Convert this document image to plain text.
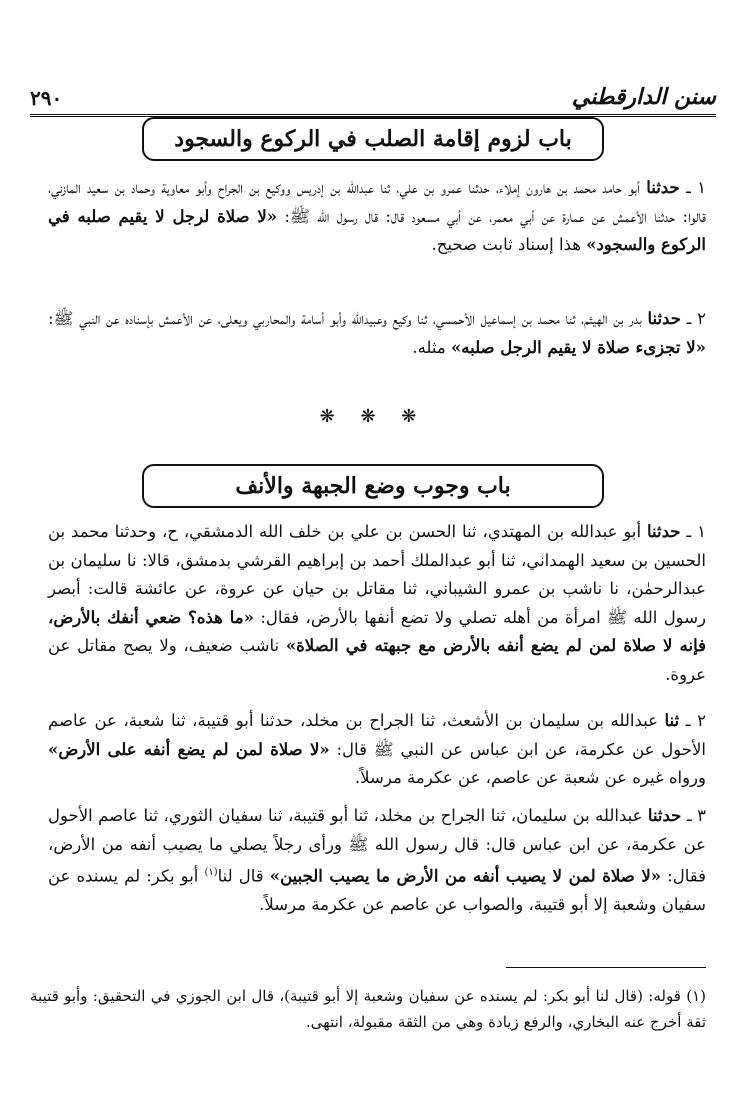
٢٩٠	سنن الدارقطني
باب لزوم إقامة الصلب في الركوع والسجود
١ ـ حدثنا أبو حامد محمد بن هارون إملاء، حدثنا عمرو بن علي، ثنا عبدالله بن إدريس ووكيع بن الجراح وأبو معاوية وحماد بن سعيد المازني، قالوا: حدثنا الأعمش عن عمارة عن أبي معمر، عن أبي مسعود قال: قال رسول الله ﷺ: «لا صلاة لرجل لا يقيم صلبه في الركوع والسجود» هذا إسناد ثابت صحيح.
٢ ـ حدثنا بدر بن الهيثم، ثنا محمد بن إسماعيل الأحمسي، ثنا وكيع وعبيدالله وأبو أسامة والمحاربي ويعلى، عن الأعمش بإسناده عن النبي ﷺ: «لا تجزىء صلاة لا يقيم الرجل صلبه» مثله.
❋ ❋ ❋
باب وجوب وضع الجبهة والأنف
١ ـ حدثنا أبو عبدالله بن المهتدي، ثنا الحسن بن علي بن خلف الله الدمشقي، ح، وحدثنا محمد بن الحسين بن سعيد الهمداني، ثنا أبو عبدالملك أحمد بن إبراهيم القرشي بدمشق، قالا: نا سليمان بن عبدالرحمٰن، نا ناشب بن عمرو الشيباني، ثنا مقاتل بن حيان عن عروة، عن عائشة قالت: أبصر رسول الله ﷺ امرأة من أهله تصلي ولا تضع أنفها بالأرض، فقال: «ما هذه؟ ضعي أنفك بالأرض، فإنه لا صلاة لمن لم يضع أنفه بالأرض مع جبهته في الصلاة» ناشب ضعيف، ولا يصح مقاتل عن عروة.
٢ ـ ثنا عبدالله بن سليمان بن الأشعث، ثنا الجراح بن مخلد، حدثنا أبو قتيبة، ثنا شعبة، عن عاصم الأحول عن عكرمة، عن ابن عباس عن النبي ﷺ قال: «لا صلاة لمن لم يضع أنفه على الأرض» ورواه غيره عن شعبة عن عاصم، عن عكرمة مرسلاً.
٣ ـ حدثنا عبدالله بن سليمان، ثنا الجراح بن مخلد، ثنا أبو قتيبة، ثنا سفيان الثوري، ثنا عاصم الأحول عن عكرمة، عن ابن عباس قال: قال رسول الله ﷺ ورأى رجلاً يصلي ما يصيب أنفه من الأرض، فقال: «لا صلاة لمن لا يصيب أنفه من الأرض ما يصيب الجبين» قال لنا$^{(١)}$ أبو بكر: لم يسنده عن سفيان وشعبة إلا أبو قتيبة، والصواب عن عاصم عن عكرمة مرسلاً.
(١) قوله: (قال لنا أبو بكر: لم يسنده عن سفيان وشعبة إلا أبو قتيبة)، قال ابن الجوزي في التحقيق: وأبو قتيبة ثقة أخرج عنه البخاري، والرفع زيادة وهي من الثقة مقبولة، انتهى.
